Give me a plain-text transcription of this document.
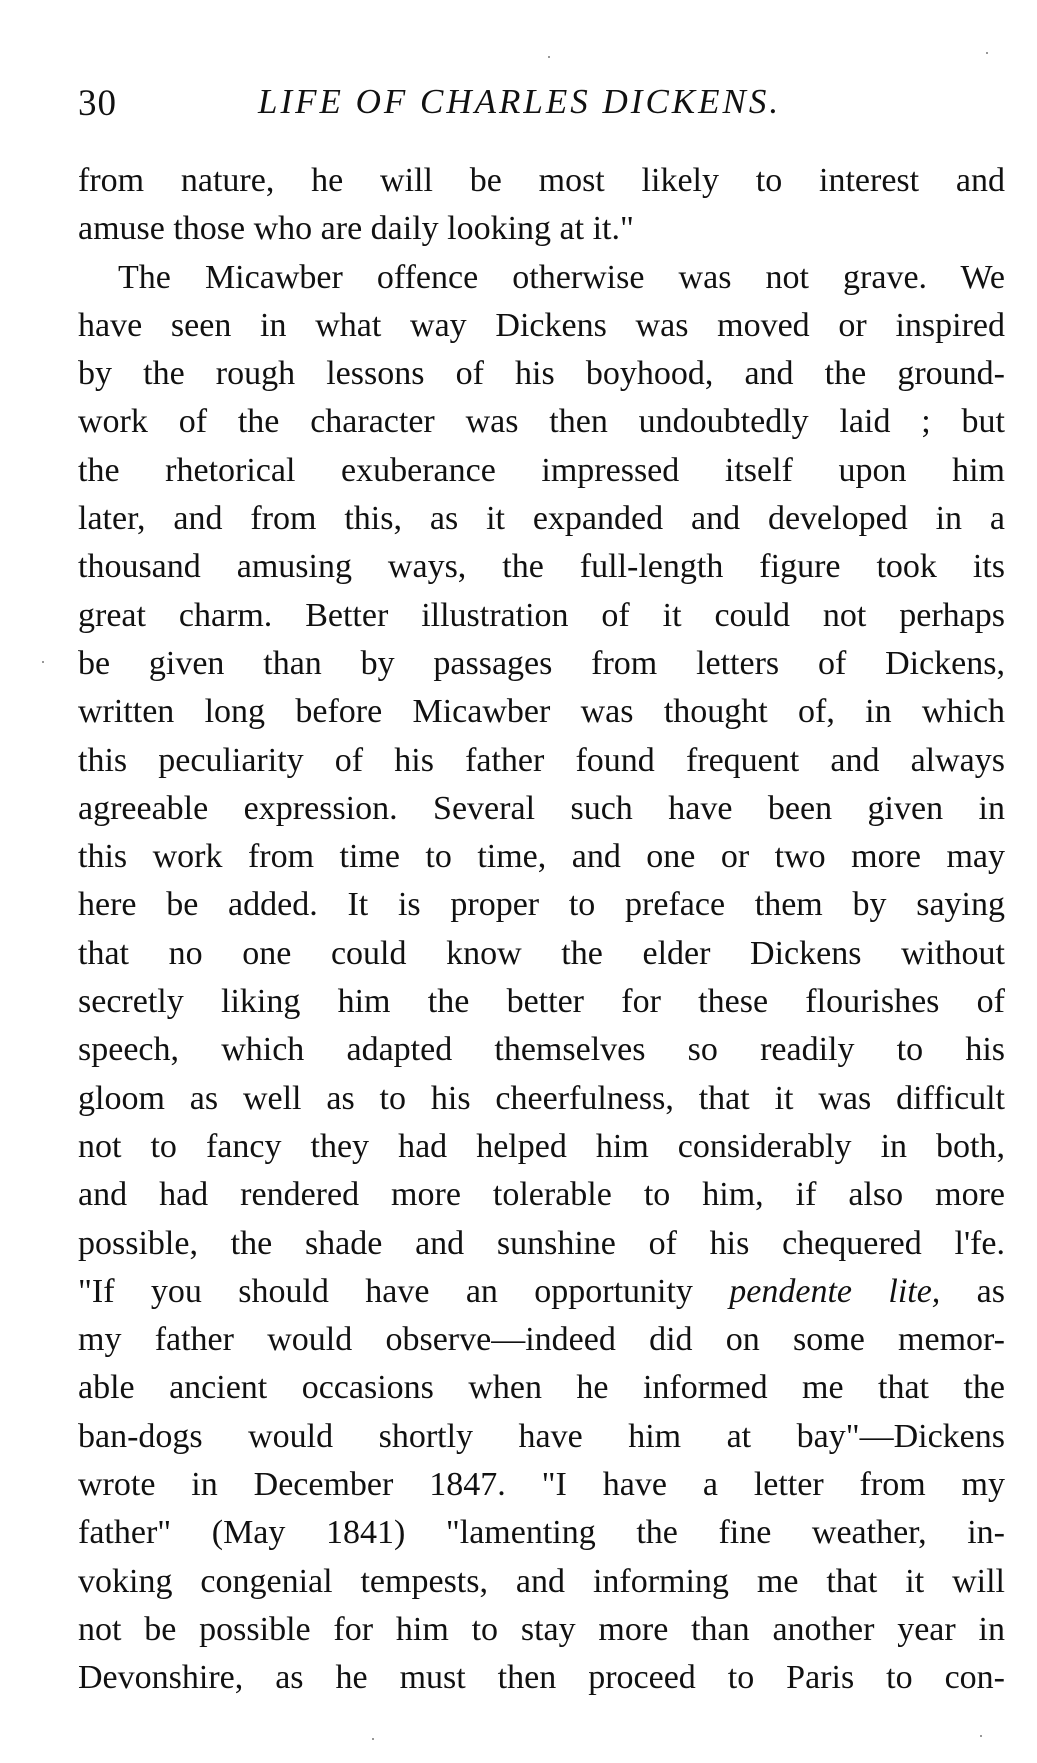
30	LIFE OF CHARLES DICKENS.
from nature, he will be most likely to interest and
amuse those who are daily looking at it."
The Micawber offence otherwise was not grave. We
have seen in what way Dickens was moved or inspired
by the rough lessons of his boyhood, and the ground-
work of the character was then undoubtedly laid ; but
the rhetorical exuberance impressed itself upon him
later, and from this, as it expanded and developed in a
thousand amusing ways, the full-length figure took its
great charm. Better illustration of it could not perhaps
be given than by passages from letters of Dickens,
written long before Micawber was thought of, in which
this peculiarity of his father found frequent and always
agreeable expression. Several such have been given in
this work from time to time, and one or two more may
here be added. It is proper to preface them by saying
that no one could know the elder Dickens without
secretly liking him the better for these flourishes of
speech, which adapted themselves so readily to his
gloom as well as to his cheerfulness, that it was difficult
not to fancy they had helped him considerably in both,
and had rendered more tolerable to him, if also more
possible, the shade and sunshine of his chequered l'fe.
"If you should have an opportunity pendente lite, as
my father would observe—indeed did on some memor-
able ancient occasions when he informed me that the
ban-dogs would shortly have him at bay"—Dickens
wrote in December 1847. "I have a letter from my
father" (May 1841) "lamenting the fine weather, in-
voking congenial tempests, and informing me that it will
not be possible for him to stay more than another year in
Devonshire, as he must then proceed to Paris to con-
